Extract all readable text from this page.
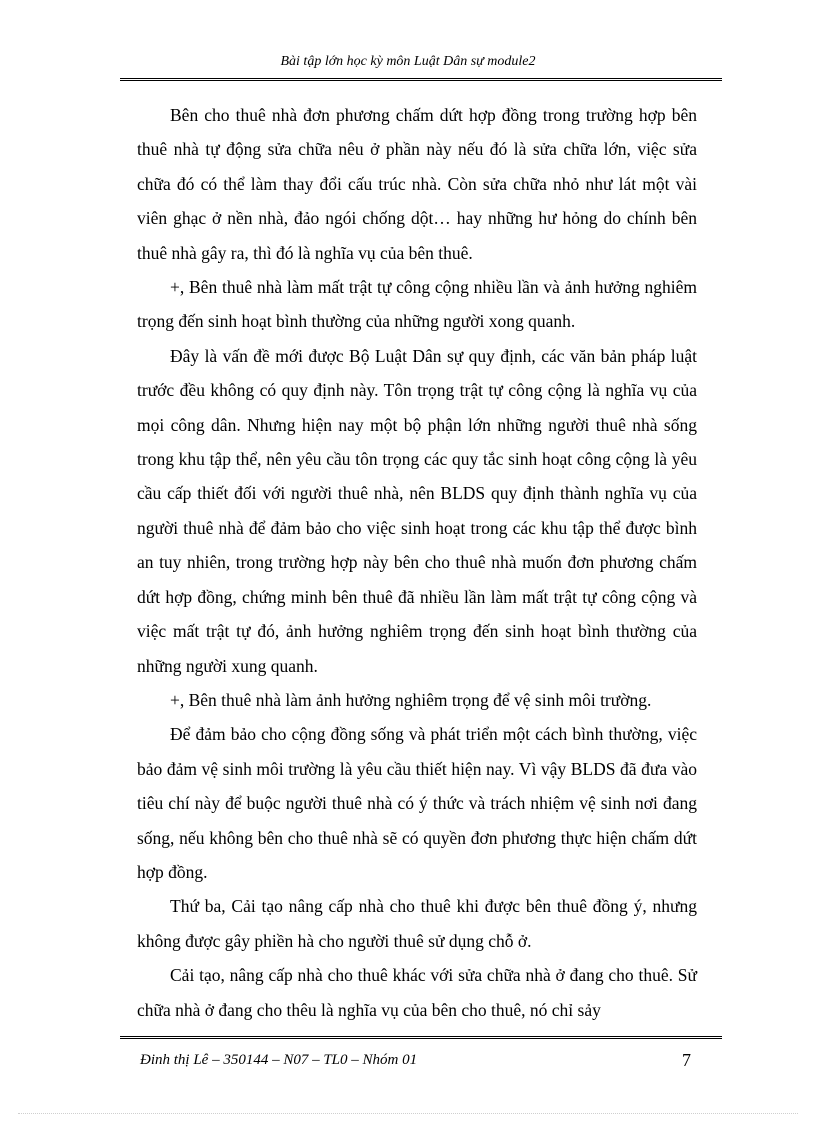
Bài tập lớn học kỳ môn Luật Dân sự module2

Bên cho thuê nhà đơn phương chấm dứt hợp đồng trong trường hợp bên thuê nhà tự động sửa chữa nêu ở phần này nếu đó là sửa chữa lớn, việc sửa chữa đó có thể làm thay đổi cấu trúc nhà. Còn sửa chữa nhỏ như lát một vài viên ghạc ở nền nhà, đảo ngói chống dột… hay những hư hỏng do chính bên thuê nhà gây ra, thì đó là nghĩa vụ của bên thuê.

+, Bên thuê nhà làm mất trật tự công cộng nhiều lần và ảnh hưởng nghiêm trọng đến sinh hoạt bình thường của những người xong quanh.

Đây là vấn đề mới được Bộ Luật Dân sự quy định, các văn bản pháp luật trước đều không có quy định này. Tôn trọng trật tự công cộng là nghĩa vụ của mọi công dân. Nhưng hiện nay một bộ phận lớn những người thuê nhà sống trong khu tập thể, nên yêu cầu tôn trọng các quy tắc sinh hoạt công cộng là yêu cầu cấp thiết đối với người thuê nhà, nên BLDS quy định thành nghĩa vụ của người thuê nhà để đảm bảo cho việc sinh hoạt trong các khu tập thể được bình an tuy nhiên, trong trường hợp này bên cho thuê nhà muốn đơn phương chấm dứt hợp đồng, chứng minh bên thuê đã nhiều lần làm mất trật tự công cộng và việc mất trật tự đó, ảnh hưởng nghiêm trọng đến sinh hoạt bình thường của những người xung quanh.

+, Bên thuê nhà làm ảnh hưởng nghiêm trọng để vệ sinh môi trường.

Để đảm bảo cho cộng đồng sống và phát triển một cách bình thường, việc bảo đảm vệ sinh môi trường là yêu cầu thiết hiện nay. Vì vậy BLDS đã đưa vào tiêu chí này để buộc người thuê nhà có ý thức và trách nhiệm vệ sinh nơi đang sống, nếu không bên cho thuê nhà sẽ có quyền đơn phương thực hiện chấm dứt hợp đồng.

Thứ ba, Cải tạo nâng cấp nhà cho thuê khi được bên thuê đồng ý, nhưng không được gây phiền hà cho người thuê sử dụng chỗ ở.

Cải tạo, nâng cấp nhà cho thuê khác với sửa chữa nhà ở đang cho thuê. Sử chữa nhà ở đang cho thêu là nghĩa vụ của bên cho thuê, nó chỉ sảy

Đinh thị Lê – 350144 – N07 – TL0 – Nhóm 01	7
